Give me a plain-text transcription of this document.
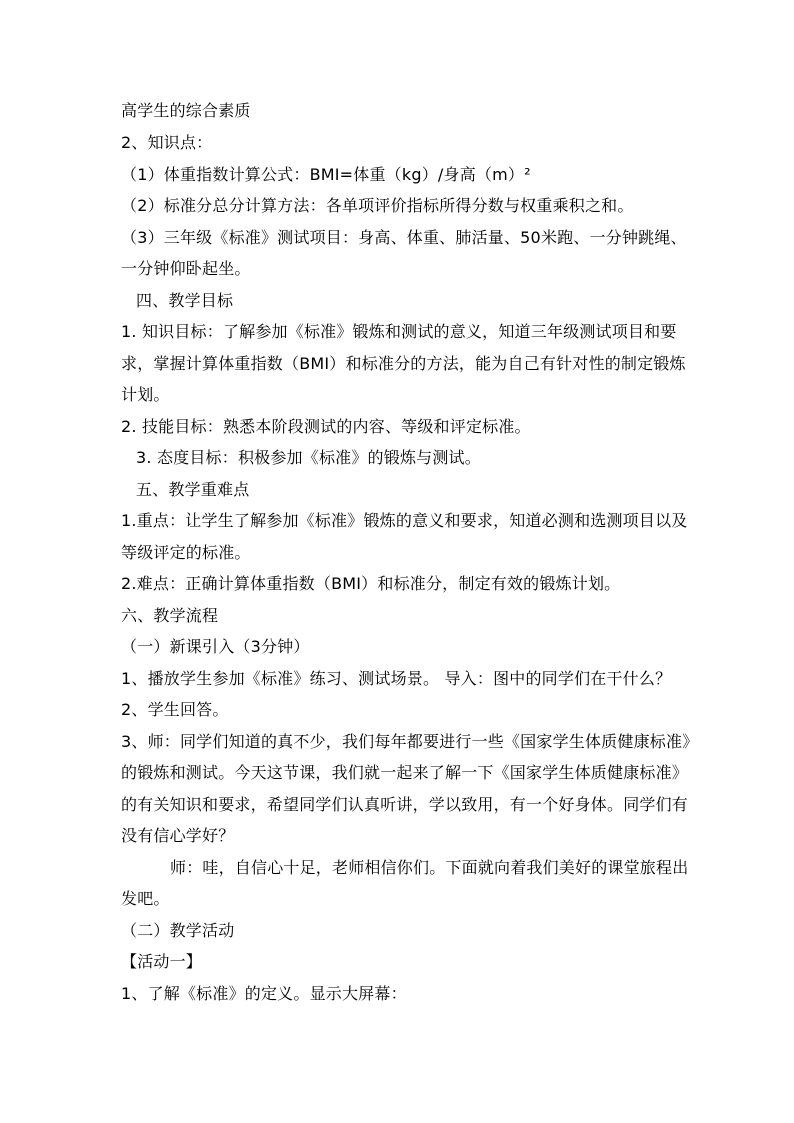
高学生的综合素质
2、知识点：
（1）体重指数计算公式：BMI=体重（kg）/身高（m）²
（2）标准分总分计算方法：各单项评价指标所得分数与权重乘积之和。
（3）三年级《标准》测试项目：身高、体重、肺活量、50米跑、一分钟跳绳、
一分钟仰卧起坐。
四、教学目标
1. 知识目标：了解参加《标准》锻炼和测试的意义，知道三年级测试项目和要
求，掌握计算体重指数（BMI）和标准分的方法，能为自己有针对性的制定锻炼
计划。
2. 技能目标：熟悉本阶段测试的内容、等级和评定标准。
3. 态度目标：积极参加《标准》的锻炼与测试。
五、教学重难点
1.重点：让学生了解参加《标准》锻炼的意义和要求，知道必测和选测项目以及
等级评定的标准。
2.难点：正确计算体重指数（BMI）和标准分，制定有效的锻炼计划。
六、教学流程
（一）新课引入（3分钟）
1、播放学生参加《标准》练习、测试场景。 导入：图中的同学们在干什么？
2、学生回答。
3、师：同学们知道的真不少，我们每年都要进行一些《国家学生体质健康标准》
的锻炼和测试。今天这节课，我们就一起来了解一下《国家学生体质健康标准》
的有关知识和要求，希望同学们认真听讲，学以致用，有一个好身体。同学们有
没有信心学好？
师：哇，自信心十足，老师相信你们。下面就向着我们美好的课堂旅程出
发吧。
（二）教学活动
【活动一】
1、了解《标准》的定义。显示大屏幕：
